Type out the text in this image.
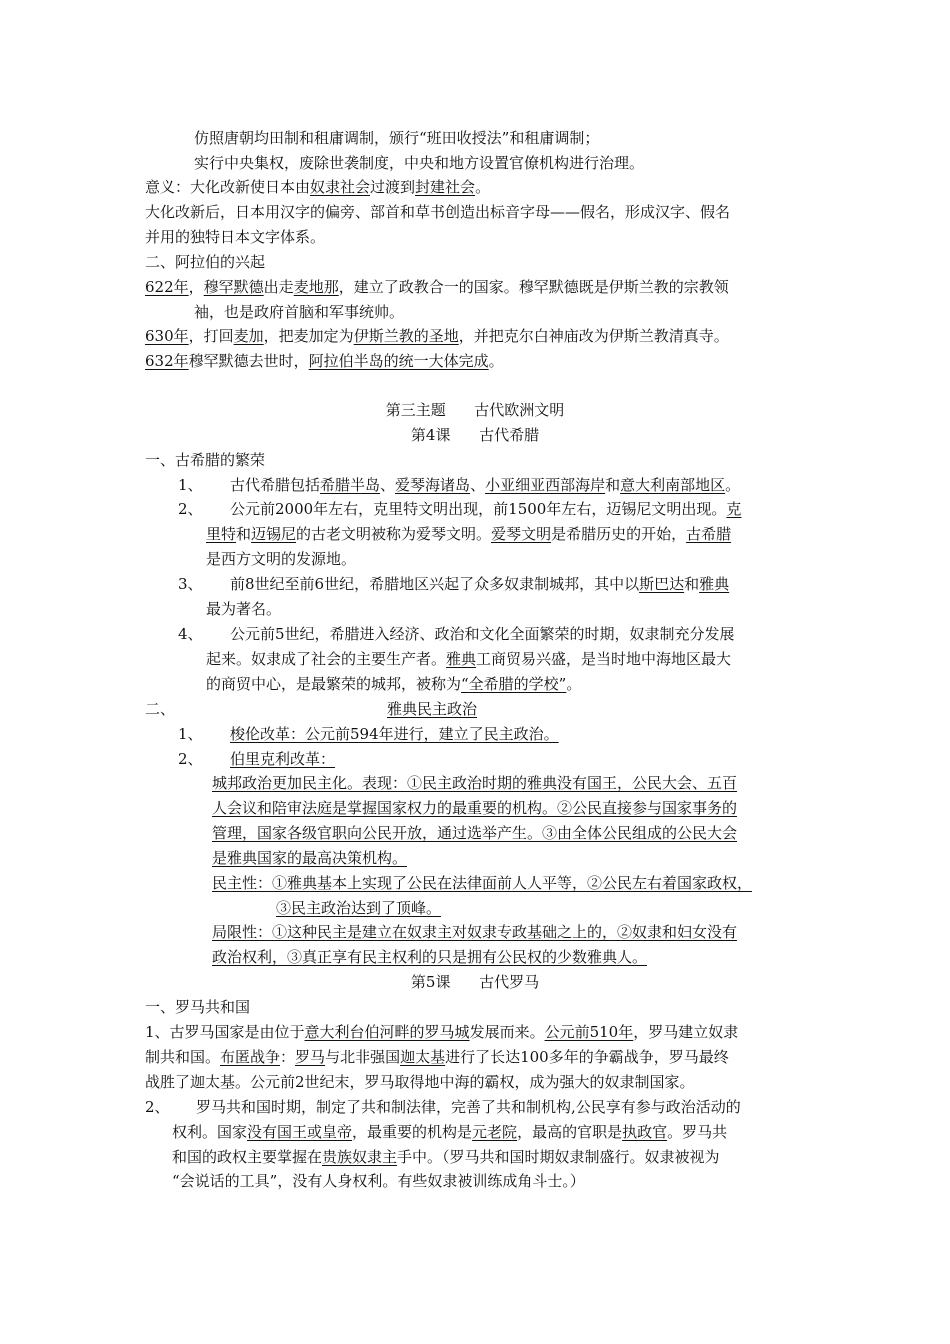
仿照唐朝均田制和租庸调制，颁行“班田收授法”和租庸调制；
实行中央集权，废除世袭制度，中央和地方设置官僚机构进行治理。
意义：大化改新使日本由奴隶社会过渡到封建社会。
大化改新后，日本用汉字的偏旁、部首和草书创造出标音字母——假名，形成汉字、假名
并用的独特日本文字体系。
二、阿拉伯的兴起
622年，穆罕默德出走麦地那，建立了政教合一的国家。穆罕默德既是伊斯兰教的宗教领
袖，也是政府首脑和军事统帅。
630年，打回麦加，把麦加定为伊斯兰教的圣地，并把克尔白神庙改为伊斯兰教清真寺。
632年穆罕默德去世时，阿拉伯半岛的统一大体完成。
第三主题      古代欧洲文明
第4课      古代希腊
一、古希腊的繁荣
1、 古代希腊包括希腊半岛、爱琴海诸岛、小亚细亚西部海岸和意大利南部地区。
2、 公元前2000年左右，克里特文明出现，前1500年左右，迈锡尼文明出现。克
里特和迈锡尼的古老文明被称为爱琴文明。爱琴文明是希腊历史的开始，古希腊
是西方文明的发源地。
3、 前8世纪至前6世纪，希腊地区兴起了众多奴隶制城邦，其中以斯巴达和雅典
最为著名。
4、 公元前5世纪，希腊进入经济、政治和文化全面繁荣的时期，奴隶制充分发展
起来。奴隶成了社会的主要生产者。雅典工商贸易兴盛，是当时地中海地区最大
的商贸中心，是最繁荣的城邦，被称为“全希腊的学校”。
二、	雅典民主政治
1、 梭伦改革：公元前594年进行，建立了民主政治。
2、 伯里克利改革：
城邦政治更加民主化。表现：①民主政治时期的雅典没有国王，公民大会、五百
人会议和陪审法庭是掌握国家权力的最重要的机构。②公民直接参与国家事务的
管理，国家各级官职向公民开放，通过选举产生。③由全体公民组成的公民大会
是雅典国家的最高决策机构。
民主性：①雅典基本上实现了公民在法律面前人人平等，②公民左右着国家政权，
③民主政治达到了顶峰。
局限性：①这种民主是建立在奴隶主对奴隶专政基础之上的，②奴隶和妇女没有
政治权利，③真正享有民主权利的只是拥有公民权的少数雅典人。
第5课      古代罗马
一、罗马共和国
1、古罗马国家是由位于意大利台伯河畔的罗马城发展而来。公元前510年，罗马建立奴隶
制共和国。布匿战争：罗马与北非强国迦太基进行了长达100多年的争霸战争，罗马最终
战胜了迦太基。公元前2世纪末，罗马取得地中海的霸权，成为强大的奴隶制国家。
2、 罗马共和国时期，制定了共和制法律，完善了共和制机构,公民享有参与政治活动的
权利。国家没有国王或皇帝，最重要的机构是元老院，最高的官职是执政官。罗马共
和国的政权主要掌握在贵族奴隶主手中。（罗马共和国时期奴隶制盛行。奴隶被视为
“会说话的工具”，没有人身权利。有些奴隶被训练成角斗士。）
